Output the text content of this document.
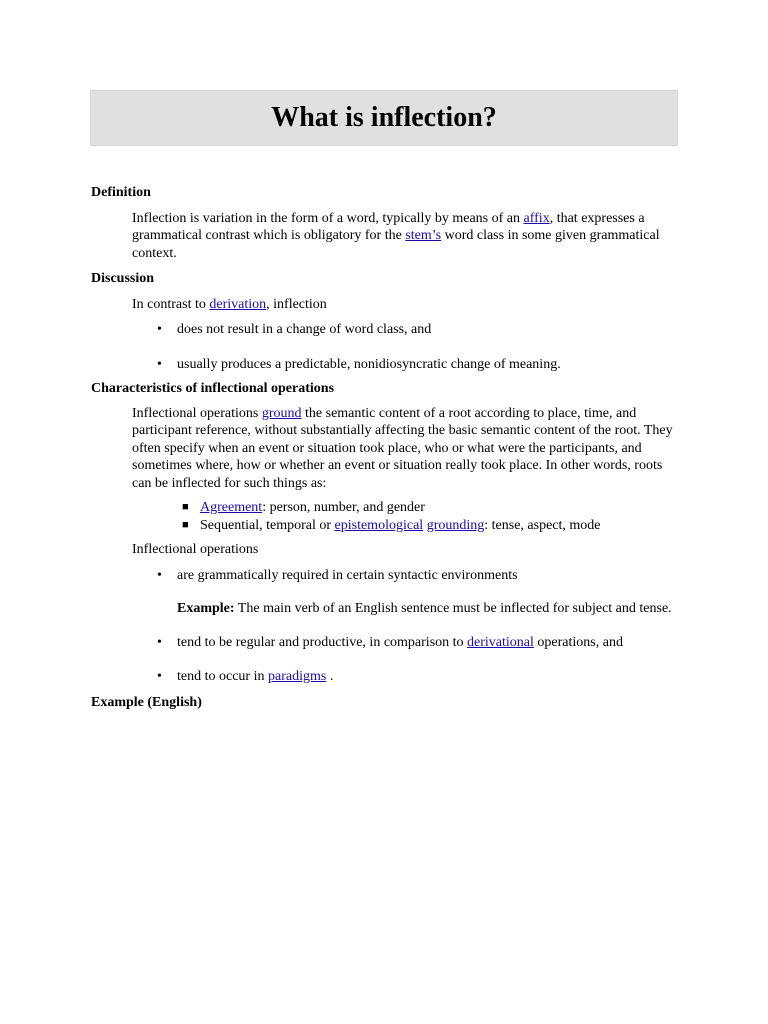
What is inflection?
Definition
Inflection is variation in the form of a word, typically by means of an affix, that expresses a grammatical contrast which is obligatory for the stem’s word class in some given grammatical context.
Discussion
In contrast to derivation, inflection
• does not result in a change of word class, and
• usually produces a predictable, nonidiosyncratic change of meaning.
Characteristics of inflectional operations
Inflectional operations ground the semantic content of a root according to place, time, and participant reference, without substantially affecting the basic semantic content of the root. They often specify when an event or situation took place, who or what were the participants, and sometimes where, how or whether an event or situation really took place. In other words, roots can be inflected for such things as:
■ Agreement: person, number, and gender
■ Sequential, temporal or epistemological grounding: tense, aspect, mode
Inflectional operations
• are grammatically required in certain syntactic environments
Example: The main verb of an English sentence must be inflected for subject and tense.
• tend to be regular and productive, in comparison to derivational operations, and
• tend to occur in paradigms .
Example (English)
